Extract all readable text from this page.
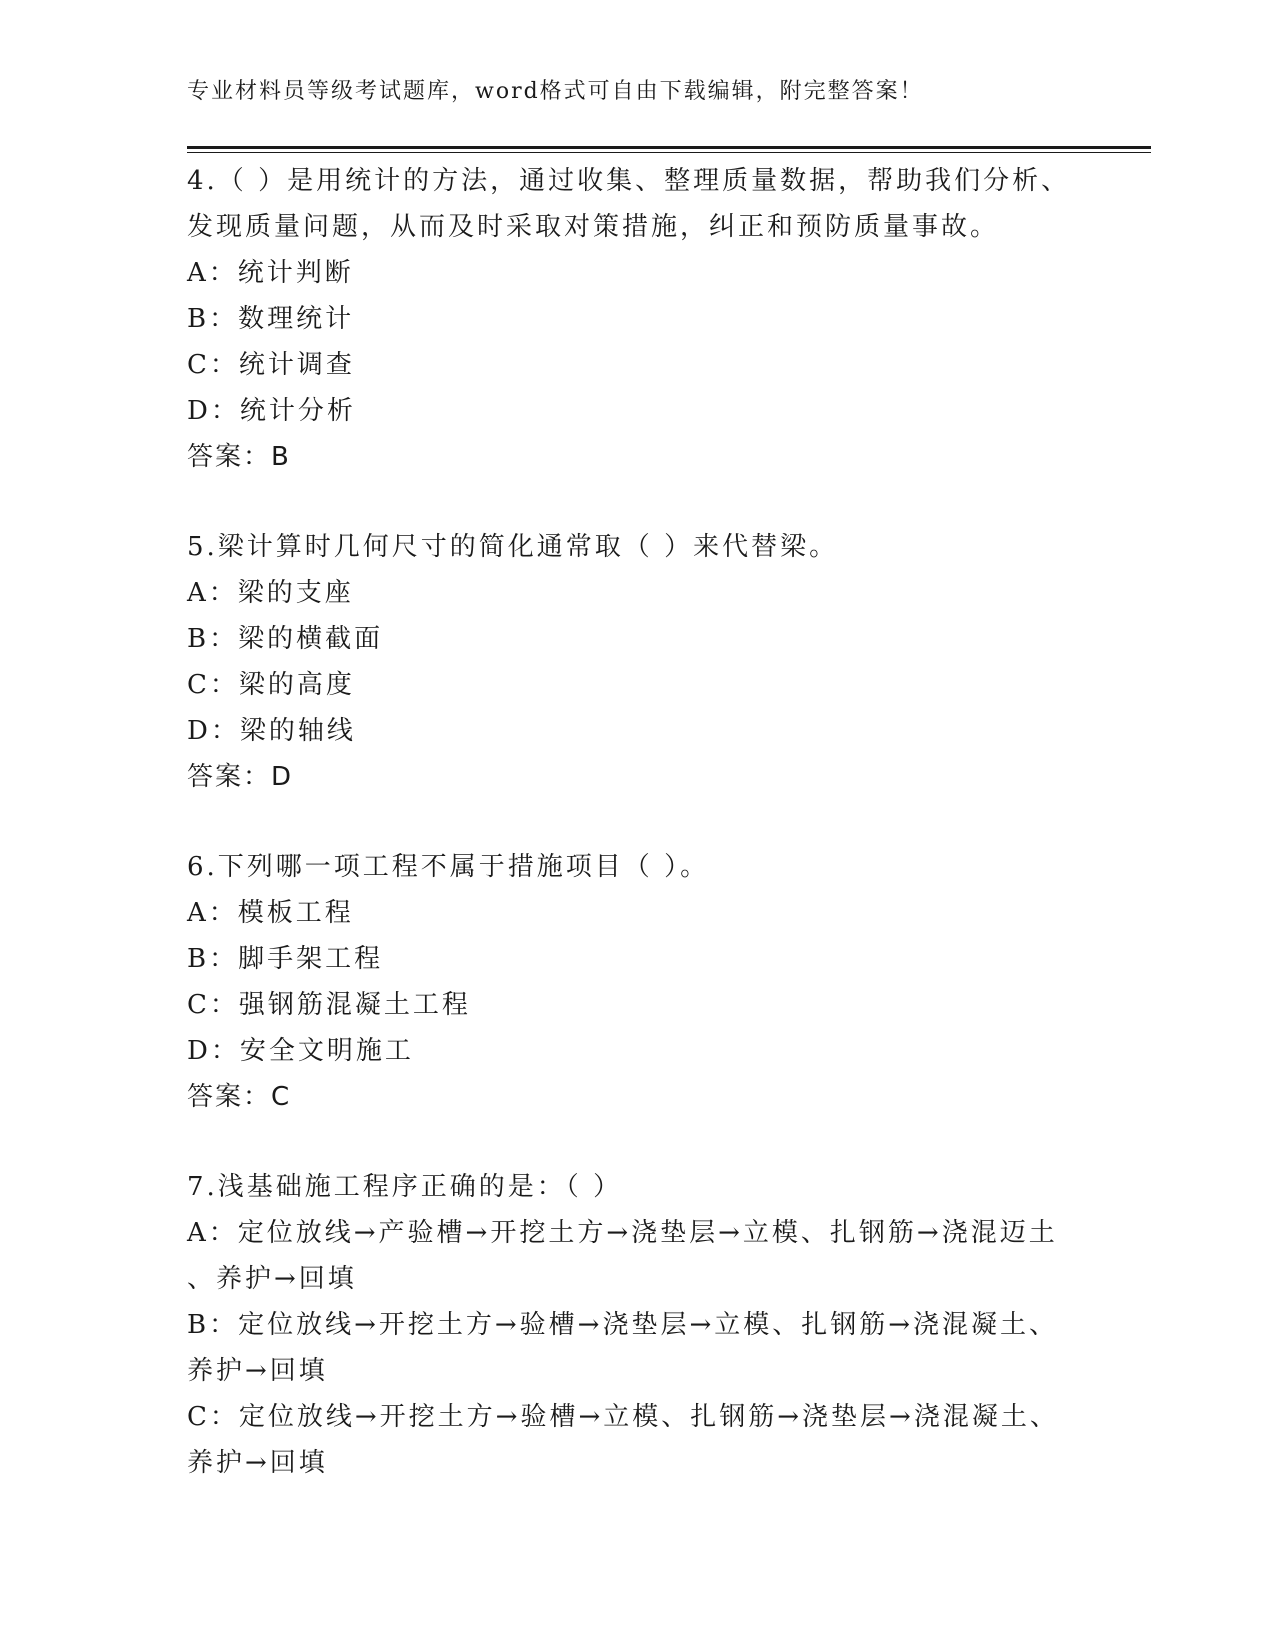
专业材料员等级考试题库，word格式可自由下载编辑，附完整答案！
4.（ ）是用统计的方法，通过收集、整理质量数据，帮助我们分析、
发现质量问题，从而及时采取对策措施，纠正和预防质量事故。
A：统计判断
B：数理统计
C：统计调查
D：统计分析
答案：B
5.梁计算时几何尺寸的简化通常取（ ）来代替梁。
A：梁的支座
B：梁的横截面
C：梁的高度
D：梁的轴线
答案：D
6.下列哪一项工程不属于措施项目（ ）。
A：模板工程
B：脚手架工程
C：强钢筋混凝土工程
D：安全文明施工
答案：C
7.浅基础施工程序正确的是：（ ）
A：定位放线→产验槽→开挖土方→浇垫层→立模、扎钢筋→浇混迈土
、养护→回填
B：定位放线→开挖土方→验槽→浇垫层→立模、扎钢筋→浇混凝土、
养护→回填
C：定位放线→开挖土方→验槽→立模、扎钢筋→浇垫层→浇混凝土、
养护→回填
